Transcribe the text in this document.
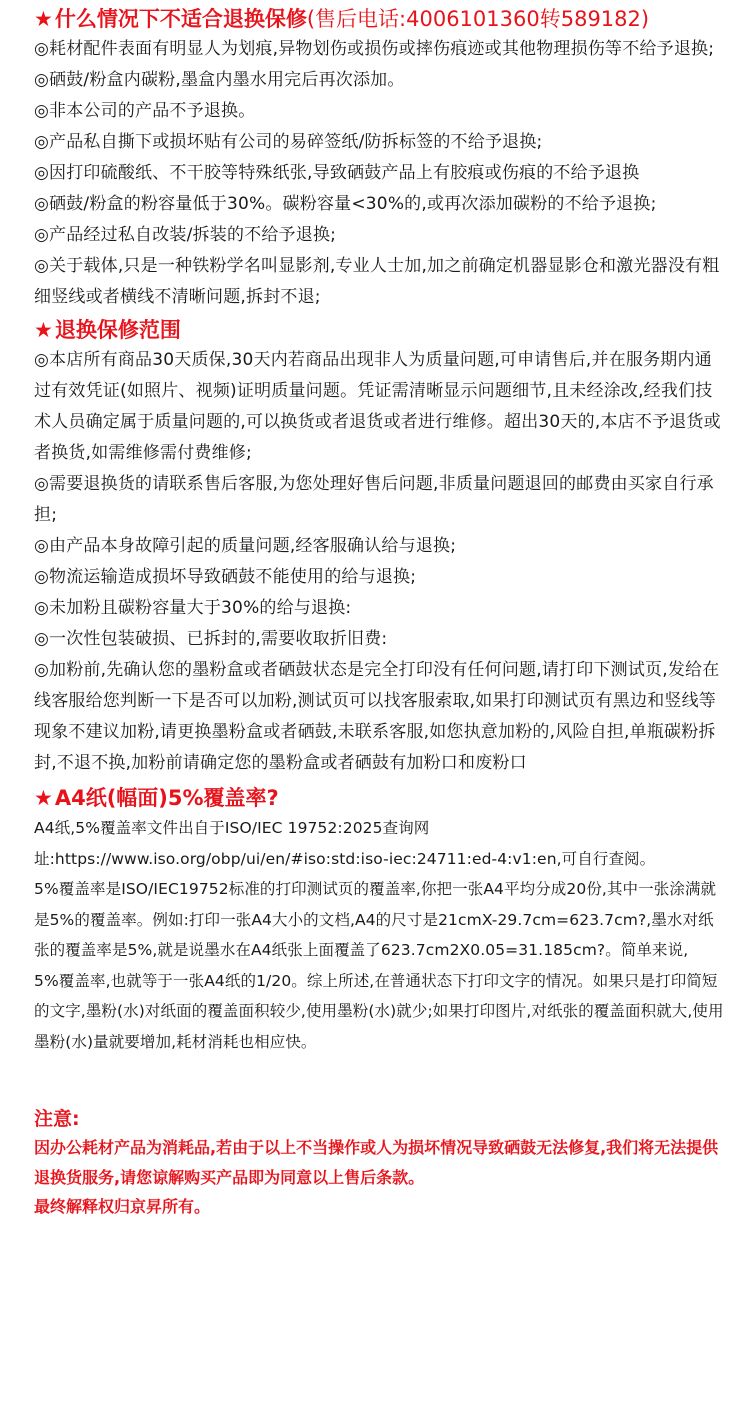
★什么情况下不适合退换保修(售后电话:4006101360转589182)

◎耗材配件表面有明显人为划痕,异物划伤或损伤或摔伤痕迹或其他物理损伤等不给予退换;

◎硒鼓/粉盒内碳粉,墨盒内墨水用完后再次添加。

◎非本公司的产品不予退换。

◎产品私自撕下或损坏贴有公司的易碎签纸/防拆标签的不给予退换;

◎因打印硫酸纸、不干胶等特殊纸张,导致硒鼓产品上有胶痕或伤痕的不给予退换

◎硒鼓/粉盒的粉容量低于30%。碳粉容量<30%的,或再次添加碳粉的不给予退换;

◎产品经过私自改装/拆装的不给予退换;

◎关于载体,只是一种铁粉学名叫显影剂,专业人士加,加之前确定机器显影仓和激光器没有粗细竖线或者横线不清晰问题,拆封不退;

★退换保修范围

◎本店所有商品30天质保,30天内若商品出现非人为质量问题,可申请售后,并在服务期内通过有效凭证(如照片、视频)证明质量问题。凭证需清晰显示问题细节,且未经涂改,经我们技术人员确定属于质量问题的,可以换货或者退货或者进行维修。超出30天的,本店不予退货或者换货,如需维修需付费维修;

◎需要退换货的请联系售后客服,为您处理好售后问题,非质量问题退回的邮费由买家自行承担;

◎由产品本身故障引起的质量问题,经客服确认给与退换;

◎物流运输造成损坏导致硒鼓不能使用的给与退换;

◎未加粉且碳粉容量大于30%的给与退换:

◎一次性包装破损、已拆封的,需要收取折旧费:

◎加粉前,先确认您的墨粉盒或者硒鼓状态是完全打印没有任何问题,请打印下测试页,发给在线客服给您判断一下是否可以加粉,测试页可以找客服索取,如果打印测试页有黑边和竖线等现象不建议加粉,请更换墨粉盒或者硒鼓,未联系客服,如您执意加粉的,风险自担,单瓶碳粉拆封,不退不换,加粉前请确定您的墨粉盒或者硒鼓有加粉口和废粉口

★A4纸(幅面)5%覆盖率?

A4纸,5%覆盖率文件出自于ISO/IEC 19752:2025查询网址:https://www.iso.org/obp/ui/en/#iso:std:iso-iec:24711:ed-4:v1:en,可自行查阅。

5%覆盖率是ISO/IEC19752标准的打印测试页的覆盖率,你把一张A4平均分成20份,其中一张涂满就是5%的覆盖率。例如:打印一张A4大小的文档,A4的尺寸是21cmX-29.7cm=623.7cm?,墨水对纸张的覆盖率是5%,就是说墨水在A4纸张上面覆盖了623.7cm2X0.05=31.185cm?。简单来说,

5%覆盖率,也就等于一张A4纸的1/20。综上所述,在普通状态下打印文字的情况。如果只是打印简短的文字,墨粉(水)对纸面的覆盖面积较少,使用墨粉(水)就少;如果打印图片,对纸张的覆盖面积就大,使用墨粉(水)量就要增加,耗材消耗也相应快。

注意:

因办公耗材产品为消耗品,若由于以上不当操作或人为损坏情况导致硒鼓无法修复,我们将无法提供退换货服务,请您谅解购买产品即为同意以上售后条款。

最终解释权归京昇所有。
